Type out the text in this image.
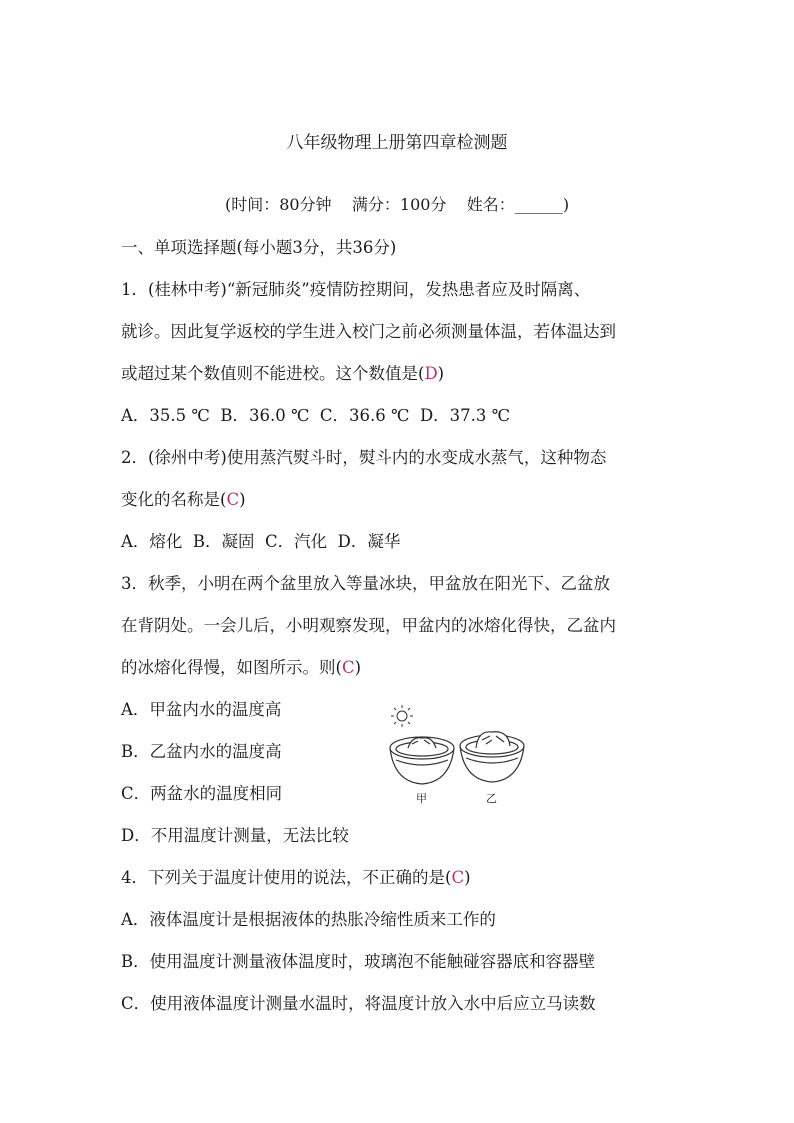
八年级物理上册第四章检测题
(时间：80分钟 满分：100分 姓名：______)
一、单项选择题(每小题3分，共36分)
1．(桂林中考)“新冠肺炎”疫情防控期间，发热患者应及时隔离、
就诊。因此复学返校的学生进入校门之前必须测量体温，若体温达到
或超过某个数值则不能进校。这个数值是(D)
A．35.5 ℃  B．36.0 ℃  C．36.6 ℃  D．37.3 ℃
2．(徐州中考)使用蒸汽熨斗时，熨斗内的水变成水蒸气，这种物态
变化的名称是(C)
A．熔化  B．凝固  C．汽化  D．凝华
3．秋季，小明在两个盆里放入等量冰块，甲盆放在阳光下、乙盆放
在背阴处。一会儿后，小明观察发现，甲盆内的冰熔化得快，乙盆内
的冰熔化得慢，如图所示。则(C)
A．甲盆内水的温度高
B．乙盆内水的温度高
C．两盆水的温度相同
D．不用温度计测量，无法比较
甲	乙
4．下列关于温度计使用的说法，不正确的是(C)
A．液体温度计是根据液体的热胀冷缩性质来工作的
B．使用温度计测量液体温度时，玻璃泡不能触碰容器底和容器壁
C．使用液体温度计测量水温时，将温度计放入水中后应立马读数
